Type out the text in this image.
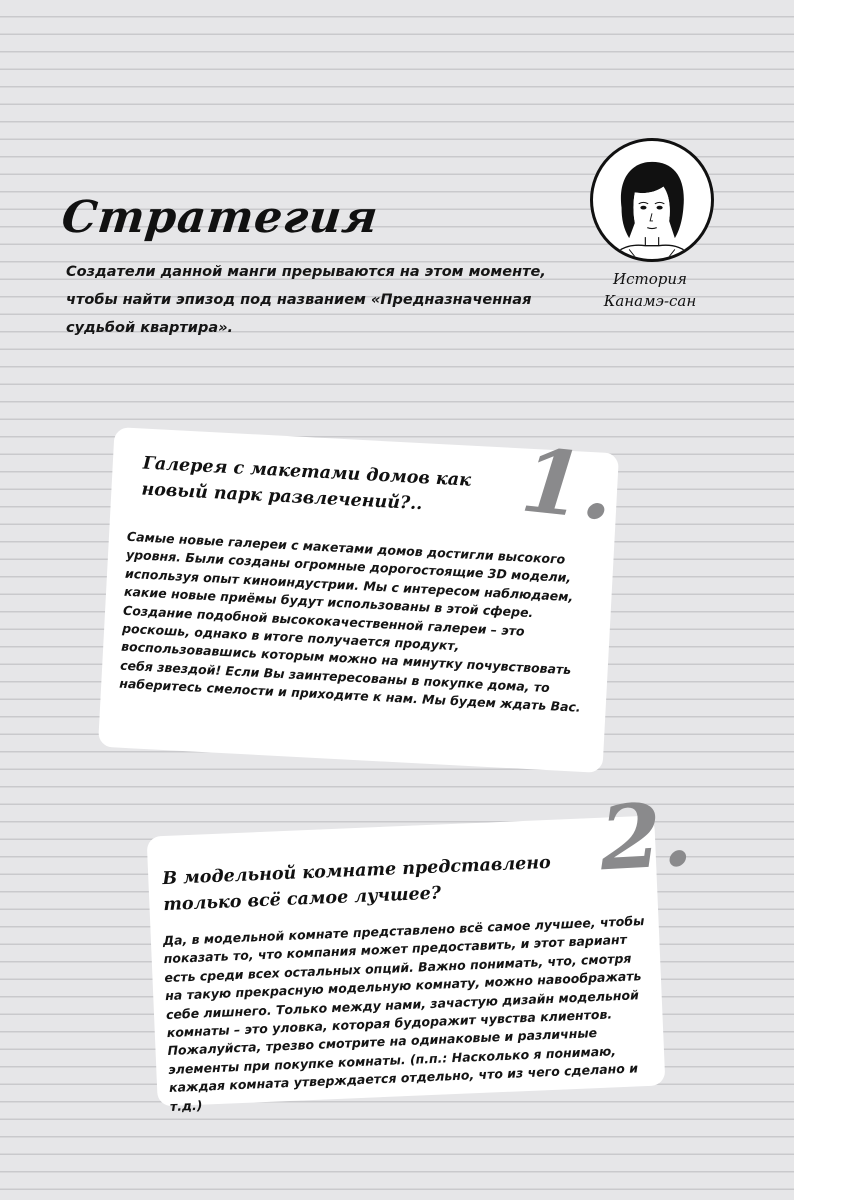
Стратегия

Создатели данной манги прерываются на этом моменте, чтобы найти эпизод под названием «Предназначенная судьбой квартира».

История
Канамэ-сан
Галерея с макетами домов как новый парк развлечений?..

Самые новые галереи с макетами домов достигли высокого уровня. Были созданы огромные дорогостоящие 3D модели, используя опыт киноиндустрии. Мы с интересом наблюдаем, какие новые приёмы будут использованы в этой сфере. Создание подобной высококачественной галереи – это роскошь, однако в итоге получается продукт, воспользовавшись которым можно на минутку почувствовать себя звездой! Если Вы заинтересованы в покупке дома, то наберитесь смелости и приходите к нам. Мы будем ждать Вас.

1.
В модельной комнате представлено только всё самое лучшее?

Да, в модельной комнате представлено всё самое лучшее, чтобы показать то, что компания может предоставить, и этот вариант есть среди всех остальных опций. Важно понимать, что, смотря на такую прекрасную модельную комнату, можно навоображать себе лишнего. Только между нами, зачастую дизайн модельной комнаты – это уловка, которая будоражит чувства клиентов. Пожалуйста, трезво смотрите на одинаковые и различные элементы при покупке комнаты. (п.п.: Насколько я понимаю, каждая комната утверждается отдельно, что из чего сделано и т.д.)

2.
